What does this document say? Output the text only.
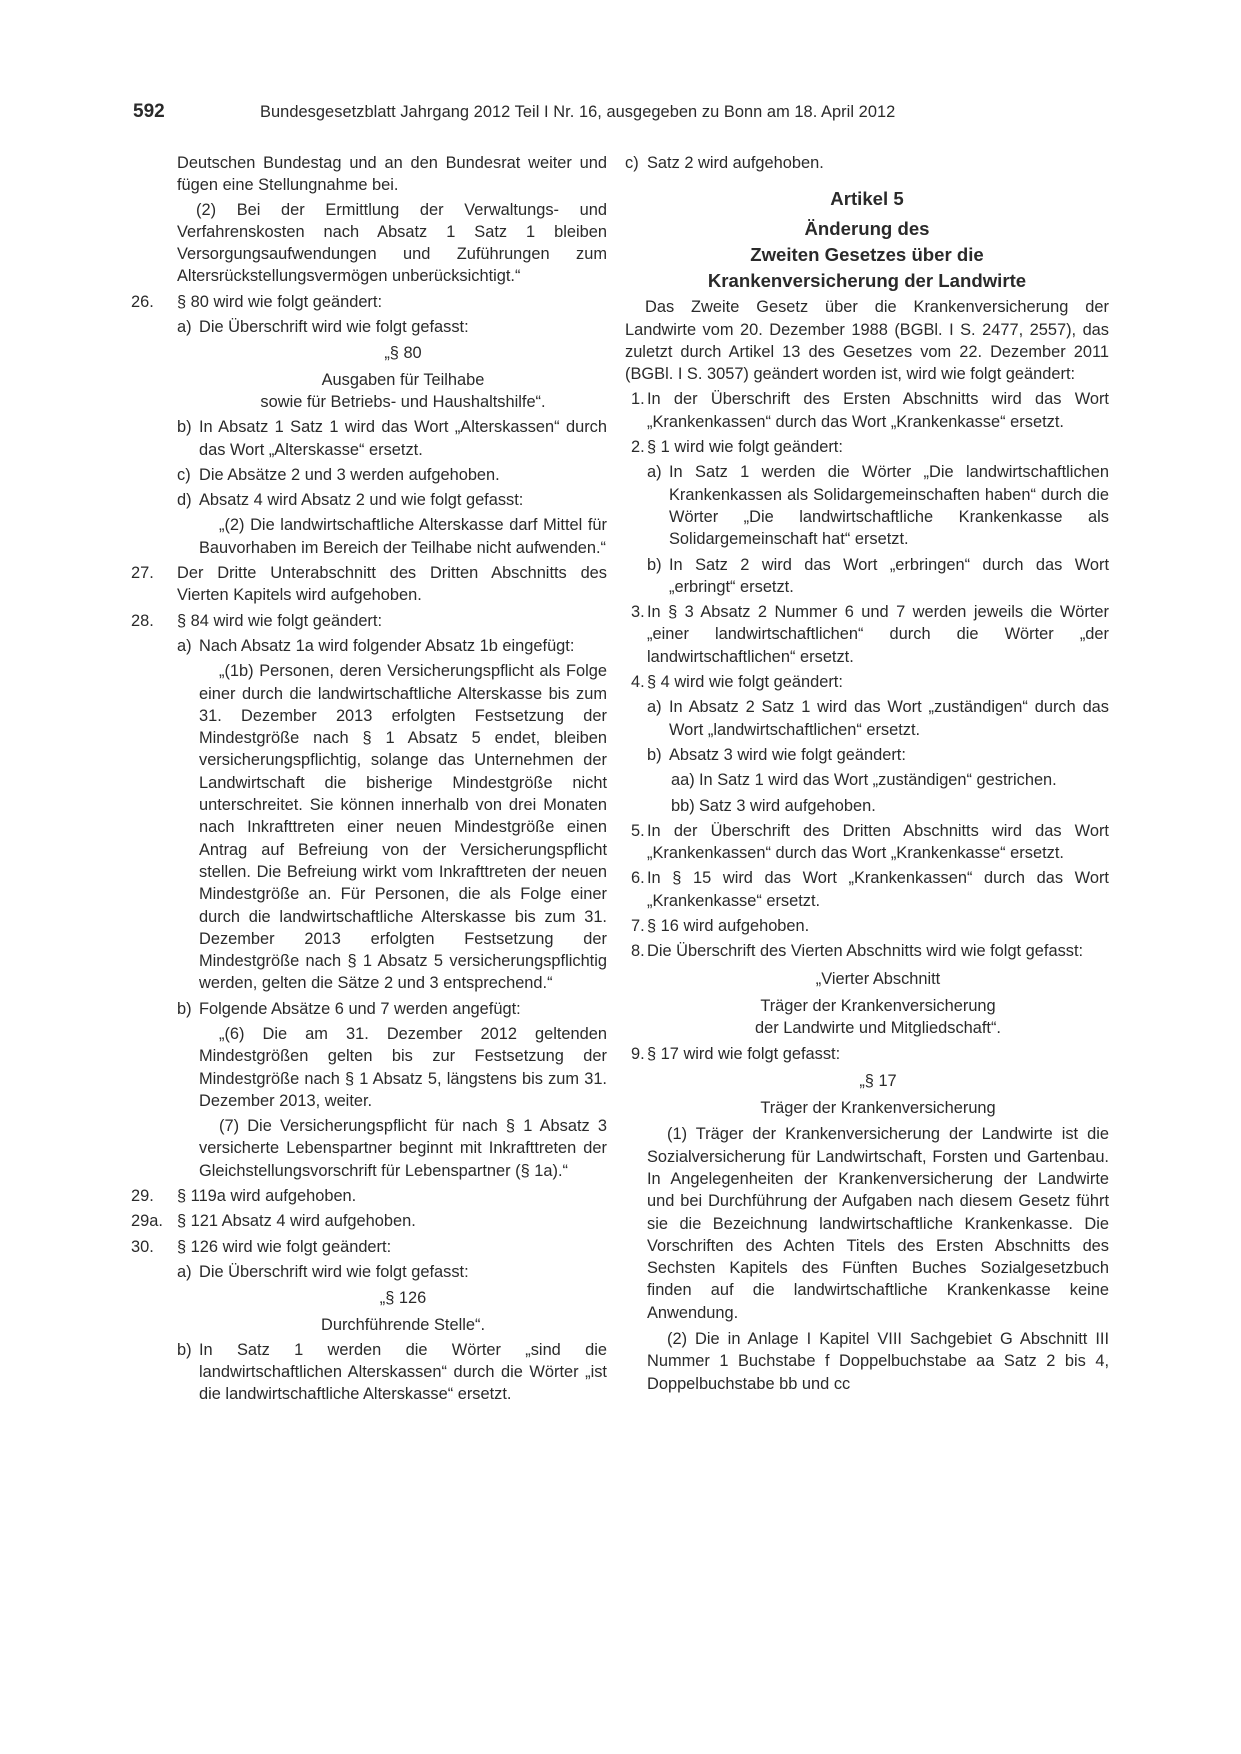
592	Bundesgesetzblatt Jahrgang 2012 Teil I Nr. 16, ausgegeben zu Bonn am 18. April 2012

Deutschen Bundestag und an den Bundesrat weiter und fügen eine Stellungnahme bei.

(2) Bei der Ermittlung der Verwaltungs- und Verfahrenskosten nach Absatz 1 Satz 1 bleiben Versorgungsaufwendungen und Zuführungen zum Altersrückstellungsvermögen unberücksichtigt.“

26. § 80 wird wie folgt geändert:

a) Die Überschrift wird wie folgt gefasst:

„§ 80

Ausgaben für Teilhabe

sowie für Betriebs- und Haushaltshilfe“.

b) In Absatz 1 Satz 1 wird das Wort „Alterskassen“ durch das Wort „Alterskasse“ ersetzt.

c) Die Absätze 2 und 3 werden aufgehoben.

d) Absatz 4 wird Absatz 2 und wie folgt gefasst:

„(2) Die landwirtschaftliche Alterskasse darf Mittel für Bauvorhaben im Bereich der Teilhabe nicht aufwenden.“

27. Der Dritte Unterabschnitt des Dritten Abschnitts des Vierten Kapitels wird aufgehoben.

28. § 84 wird wie folgt geändert:

a) Nach Absatz 1a wird folgender Absatz 1b eingefügt:

„(1b) Personen, deren Versicherungspflicht als Folge einer durch die landwirtschaftliche Alterskasse bis zum 31. Dezember 2013 erfolgten Festsetzung der Mindestgröße nach § 1 Absatz 5 endet, bleiben versicherungspflichtig, solange das Unternehmen der Landwirtschaft die bisherige Mindestgröße nicht unterschreitet. Sie können innerhalb von drei Monaten nach Inkrafttreten einer neuen Mindestgröße einen Antrag auf Befreiung von der Versicherungspflicht stellen. Die Befreiung wirkt vom Inkrafttreten der neuen Mindestgröße an. Für Personen, die als Folge einer durch die landwirtschaftliche Alterskasse bis zum 31. Dezember 2013 erfolgten Festsetzung der Mindestgröße nach § 1 Absatz 5 versicherungspflichtig werden, gelten die Sätze 2 und 3 entsprechend.“

b) Folgende Absätze 6 und 7 werden angefügt:

„(6) Die am 31. Dezember 2012 geltenden Mindestgrößen gelten bis zur Festsetzung der Mindestgröße nach § 1 Absatz 5, längstens bis zum 31. Dezember 2013, weiter.

(7) Die Versicherungspflicht für nach § 1 Absatz 3 versicherte Lebenspartner beginnt mit Inkrafttreten der Gleichstellungsvorschrift für Lebenspartner (§ 1a).“

29. § 119a wird aufgehoben.

29a. § 121 Absatz 4 wird aufgehoben.

30. § 126 wird wie folgt geändert:

a) Die Überschrift wird wie folgt gefasst:

„§ 126

Durchführende Stelle“.

b) In Satz 1 werden die Wörter „sind die landwirtschaftlichen Alterskassen“ durch die Wörter „ist die landwirtschaftliche Alterskasse“ ersetzt.

c) Satz 2 wird aufgehoben.

Artikel 5

Änderung des

Zweiten Gesetzes über die

Krankenversicherung der Landwirte

Das Zweite Gesetz über die Krankenversicherung der Landwirte vom 20. Dezember 1988 (BGBl. I S. 2477, 2557), das zuletzt durch Artikel 13 des Gesetzes vom 22. Dezember 2011 (BGBl. I S. 3057) geändert worden ist, wird wie folgt geändert:

1. In der Überschrift des Ersten Abschnitts wird das Wort „Krankenkassen“ durch das Wort „Krankenkasse“ ersetzt.

2. § 1 wird wie folgt geändert:

a) In Satz 1 werden die Wörter „Die landwirtschaftlichen Krankenkassen als Solidargemeinschaften haben“ durch die Wörter „Die landwirtschaftliche Krankenkasse als Solidargemeinschaft hat“ ersetzt.

b) In Satz 2 wird das Wort „erbringen“ durch das Wort „erbringt“ ersetzt.

3. In § 3 Absatz 2 Nummer 6 und 7 werden jeweils die Wörter „einer landwirtschaftlichen“ durch die Wörter „der landwirtschaftlichen“ ersetzt.

4. § 4 wird wie folgt geändert:

a) In Absatz 2 Satz 1 wird das Wort „zuständigen“ durch das Wort „landwirtschaftlichen“ ersetzt.

b) Absatz 3 wird wie folgt geändert:

aa) In Satz 1 wird das Wort „zuständigen“ gestrichen.

bb) Satz 3 wird aufgehoben.

5. In der Überschrift des Dritten Abschnitts wird das Wort „Krankenkassen“ durch das Wort „Krankenkasse“ ersetzt.

6. In § 15 wird das Wort „Krankenkassen“ durch das Wort „Krankenkasse“ ersetzt.

7. § 16 wird aufgehoben.

8. Die Überschrift des Vierten Abschnitts wird wie folgt gefasst:

„Vierter Abschnitt

Träger der Krankenversicherung

der Landwirte und Mitgliedschaft“.

9. § 17 wird wie folgt gefasst:

„§ 17

Träger der Krankenversicherung

(1) Träger der Krankenversicherung der Landwirte ist die Sozialversicherung für Landwirtschaft, Forsten und Gartenbau. In Angelegenheiten der Krankenversicherung der Landwirte und bei Durchführung der Aufgaben nach diesem Gesetz führt sie die Bezeichnung landwirtschaftliche Krankenkasse. Die Vorschriften des Achten Titels des Ersten Abschnitts des Sechsten Kapitels des Fünften Buches Sozialgesetzbuch finden auf die landwirtschaftliche Krankenkasse keine Anwendung.

(2) Die in Anlage I Kapitel VIII Sachgebiet G Abschnitt III Nummer 1 Buchstabe f Doppelbuchstabe aa Satz 2 bis 4, Doppelbuchstabe bb und cc
